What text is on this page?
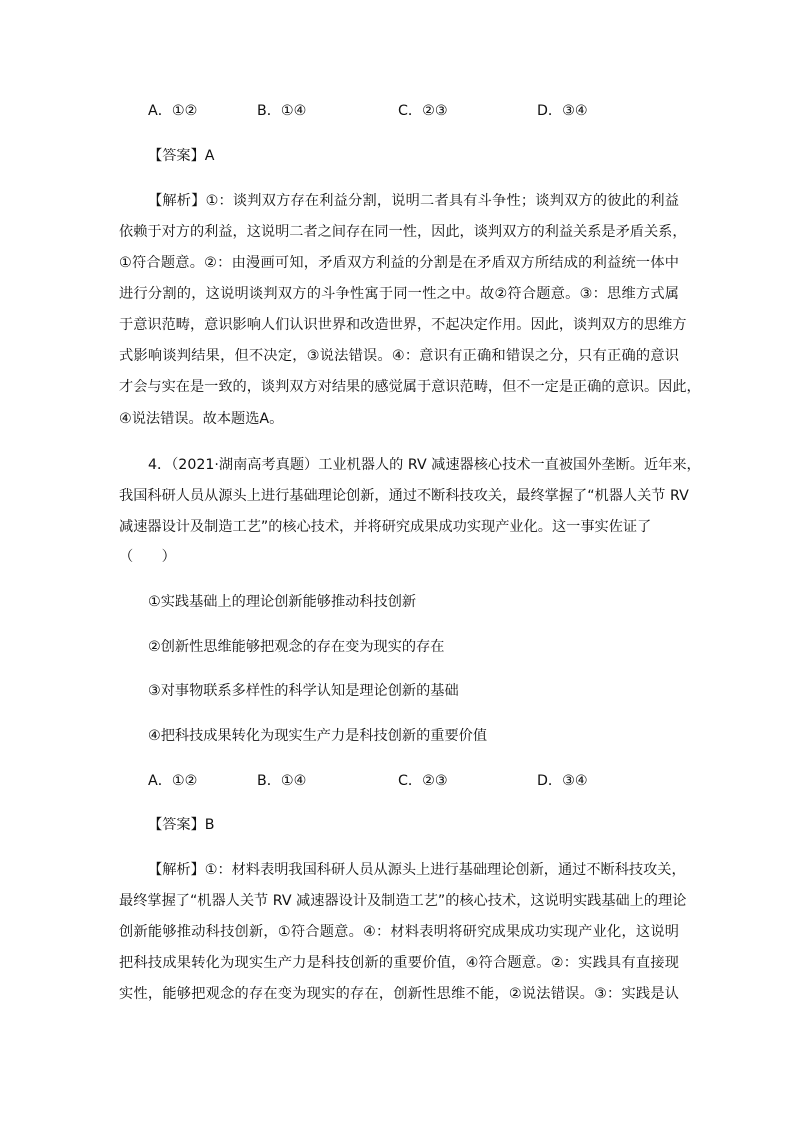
A．①②	B．①④	C．②③	D．③④
【答案】A
【解析】①：谈判双方存在利益分割，说明二者具有斗争性；谈判双方的彼此的利益
依赖于对方的利益，这说明二者之间存在同一性，因此，谈判双方的利益关系是矛盾关系，
①符合题意。②：由漫画可知，矛盾双方利益的分割是在矛盾双方所结成的利益统一体中
进行分割的，这说明谈判双方的斗争性寓于同一性之中。故②符合题意。③：思维方式属
于意识范畴，意识影响人们认识世界和改造世界，不起决定作用。因此，谈判双方的思维方
式影响谈判结果，但不决定，③说法错误。④：意识有正确和错误之分，只有正确的意识
才会与实在是一致的，谈判双方对结果的感觉属于意识范畴，但不一定是正确的意识。因此，
④说法错误。故本题选A。
4．（2021·湖南高考真题）工业机器人的 RV 减速器核心技术一直被国外垄断。近年来，
我国科研人员从源头上进行基础理论创新，通过不断科技攻关，最终掌握了“机器人关节 RV
减速器设计及制造工艺”的核心技术，并将研究成果成功实现产业化。这一事实佐证了
（　　）
①实践基础上的理论创新能够推动科技创新
②创新性思维能够把观念的存在变为现实的存在
③对事物联系多样性的科学认知是理论创新的基础
④把科技成果转化为现实生产力是科技创新的重要价值
A．①②	B．①④	C．②③	D．③④
【答案】B
【解析】①：材料表明我国科研人员从源头上进行基础理论创新，通过不断科技攻关，
最终掌握了“机器人关节 RV 减速器设计及制造工艺”的核心技术，这说明实践基础上的理论
创新能够推动科技创新，①符合题意。④：材料表明将研究成果成功实现产业化，这说明
把科技成果转化为现实生产力是科技创新的重要价值，④符合题意。②：实践具有直接现
实性，能够把观念的存在变为现实的存在，创新性思维不能，②说法错误。③：实践是认
